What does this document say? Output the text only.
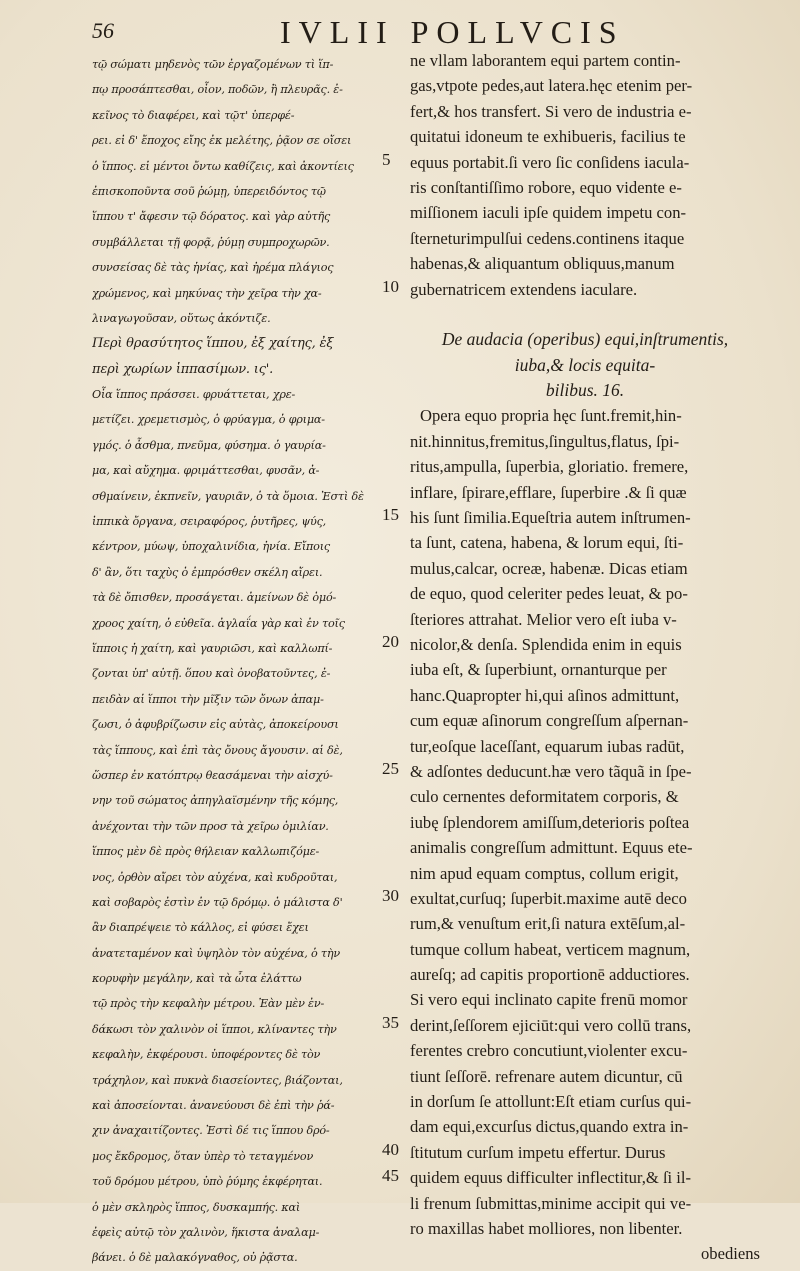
56	IVLII POLLVCIS
τῷ σώματι μηδενὸς τῶν ἐργαζομένων τὶ ἵπ-
πῳ προσάπτεσθαι, οἷον, ποδῶν, ἢ πλευρᾶς. ἐ-
κεῖνος τὸ διαφέρει, καὶ τῷτ' ὑπερφέ-
ρει. εἰ δ' ἔποχος εἴης ἐκ μελέτης, ῥᾷον σε οἴσει
ὁ ἵππος. εἰ μέντοι ὄντω καθίζεις, καὶ ἀκοντίεις
ἐπισκοποῦντα σοῦ ῥώμῃ, ὑπερειδόντος τῷ
ἵππου τ' ἄφεσιν τῷ δόρατος. καὶ γὰρ αὐτῆς
συμβάλλεται τῇ φορᾷ, ῥύμῃ συμπροχωρῶν.
συνσείσας δὲ τὰς ἡνίας, καὶ ἠρέμα πλάγιος
χρώμενος, καὶ μηκύνας τὴν χεῖρα τὴν χα-
λιναγωγοῦσαν, οὕτως ἀκόντιζε.
Περὶ θρασύτητος ἵππου, ἐξ χαίτης, ἐξ
περὶ χωρίων ἱππασίμων. ις'.
Οἶα ἵππος πράσσει. φρυάττεται, χρε-
μετίζει. χρεμετισμὸς, ὁ φρύαγμα, ὁ φριμα-
γμός. ὁ ἆσθμα, πνεῦμα, φύσημα. ὁ γαυρία-
μα, καὶ αὔχημα. φριμάττεσθαι, φυσᾶν, ἀ-
σθμαίνειν, ἐκπνεῖν, γαυριᾶν, ὁ τὰ ὅμοια. Ἐστὶ δὲ
ἱππικὰ ὄργανα, σειραφόρος, ῥυτῆρες, ψύς,
κέντρον, μύωψ, ὑποχαλινίδια, ἡνία. Εἴποις
δ' ἂν, ὅτι ταχὺς ὁ ἐμπρόσθεν σκέλη αἴρει.
τὰ δὲ ὄπισθεν, προσάγεται. ἀμείνων δὲ ὁμό-
χροος χαίτη, ὁ εὐθεῖα. ἀγλαΐα γὰρ καὶ ἐν τοῖς
ἵπποις ἡ χαίτη, καὶ γαυριῶσι, καὶ καλλωπί-
ζονται ὑπ' αὐτῇ. ὅπου καὶ ὀνοβατοῦντες, ἐ-
πειδὰν αἱ ἵπποι τὴν μῖξιν τῶν ὄνων ἀπαμ-
ζωσι, ὁ ἀφυβρίζωσιν εἰς αὐτὰς, ἀποκείρουσι
τὰς ἵππους, καὶ ἐπὶ τὰς ὄνους ἄγουσιν. αἱ δὲ,
ὥσπερ ἐν κατόπτρῳ θεασάμεναι τὴν αἰσχύ-
νην τοῦ σώματος ἀπηγλαϊσμένην τῆς κόμης,
ἀνέχονται τὴν τῶν προσ τὰ χεῖρω ὁμιλίαν.
ἵππος μὲν δὲ πρὸς θήλειαν καλλωπιζόμε-
νος, ὀρθὸν αἴρει τὸν αὐχένα, καὶ κυδροῦται,
καὶ σοβαρὸς ἐστὶν ἐν τῷ δρόμῳ. ὁ μάλιστα δ'
ἂν διαπρέψειε τὸ κάλλος, εἰ φύσει ἔχει
ἀνατεταμένον καὶ ὑψηλὸν τὸν αὐχένα, ὁ τὴν
κορυφὴν μεγάλην, καὶ τὰ ὦτα ἐλάττω
τῷ πρὸς τὴν κεφαλὴν μέτρου. Ἐὰν μὲν ἐν-
δάκωσι τὸν χαλινὸν οἱ ἵπποι, κλίναντες τὴν
κεφαλὴν, ἐκφέρουσι. ὑποφέροντες δὲ τὸν
τράχηλον, καὶ πυκνὰ διασείοντες, βιάζονται,
καὶ ἀποσείονται. ἀνανεύουσι δὲ ἐπὶ τὴν ῥά-
χιν ἀναχαιτίζοντες. Ἐστὶ δέ τις ἵππου δρό-
μος ἔκδρομος, ὅταν ὑπὲρ τὸ τεταγμένον
τοῦ δρόμου μέτρου, ὑπὸ ῥύμης ἐκφέρηται.
ὁ μὲν σκληρὸς ἵππος, δυσκαμπής. καὶ
ἐφεὶς αὐτῷ τὸν χαλινὸν, ἥκιστα ἀναλαμ-
βάνει. ὁ δὲ μαλακόγναθος, οὐ ῥᾷστα.
5
10
15
20
25
30
35
40
45
ne vllam laborantem equi partem contin-
gas,vtpote pedes,aut latera.hęc etenim per-
fert,& hos transfert. Si vero de industria e-
quitatui idoneum te exhibueris, facilius te
equus portabit.ſi vero ſic conſidens iacula-
ris conſtantiſſimo robore, equo vidente e-
miſſionem iaculi ipſe quidem impetu con-
ſterneturimpulſui cedens.continens itaque
habenas,& aliquantum obliquus,manum
gubernatricem extendens iaculare.
De audacia (operibus) equi,inſtrumentis,
iuba,& locis equita-
bilibus. 16.
Opera equo propria hęc ſunt.fremit,hin-
nit.hinnitus,fremitus,ſingultus,flatus, ſpi-
ritus,ampulla, ſuperbia, gloriatio. fremere,
inflare, ſpirare,efflare, ſuperbire .& ſi quæ
his ſunt ſimilia.Equeſtria autem inſtrumen-
ta ſunt, catena, habena, & lorum equi, ſti-
mulus,calcar, ocreæ, habenæ. Dicas etiam
de equo, quod celeriter pedes leuat, & po-
ſteriores attrahat. Melior vero eſt iuba v-
nicolor,& denſa. Splendida enim in equis
iuba eſt, & ſuperbiunt, ornanturque per
hanc.Quapropter hi,qui aſinos admittunt,
cum equæ aſinorum congreſſum aſpernan-
tur,eoſque laceſſant, equarum iubas radūt,
& adſontes deducunt.hæ vero tãquã in ſpe-
culo cernentes deformitatem corporis, &
iubę ſplendorem amiſſum,deterioris poſtea
animalis congreſſum admittunt. Equus ete-
nim apud equam comptus, collum erigit,
exultat,curſuq; ſuperbit.maxime autē deco
rum,& venuſtum erit,ſi natura extēſum,al-
tumque collum habeat, verticem magnum,
aureſq; ad capitis proportionē adductiores.
Si vero equi inclinato capite frenū momor
derint,ſeſſorem ejiciūt:qui vero collū trans,
ferentes crebro concutiunt,violenter excu-
tiunt ſeſſorē. refrenare autem dicuntur, cū
in dorſum ſe attollunt:Eſt etiam curſus qui-
dam equi,excurſus dictus,quando extra in-
ſtitutum curſum impetu effertur. Durus
quidem equus difficulter inflectitur,& ſi il-
li frenum ſubmittas,minime accipit qui ve-
ro maxillas habet molliores, non libenter.
obediens
